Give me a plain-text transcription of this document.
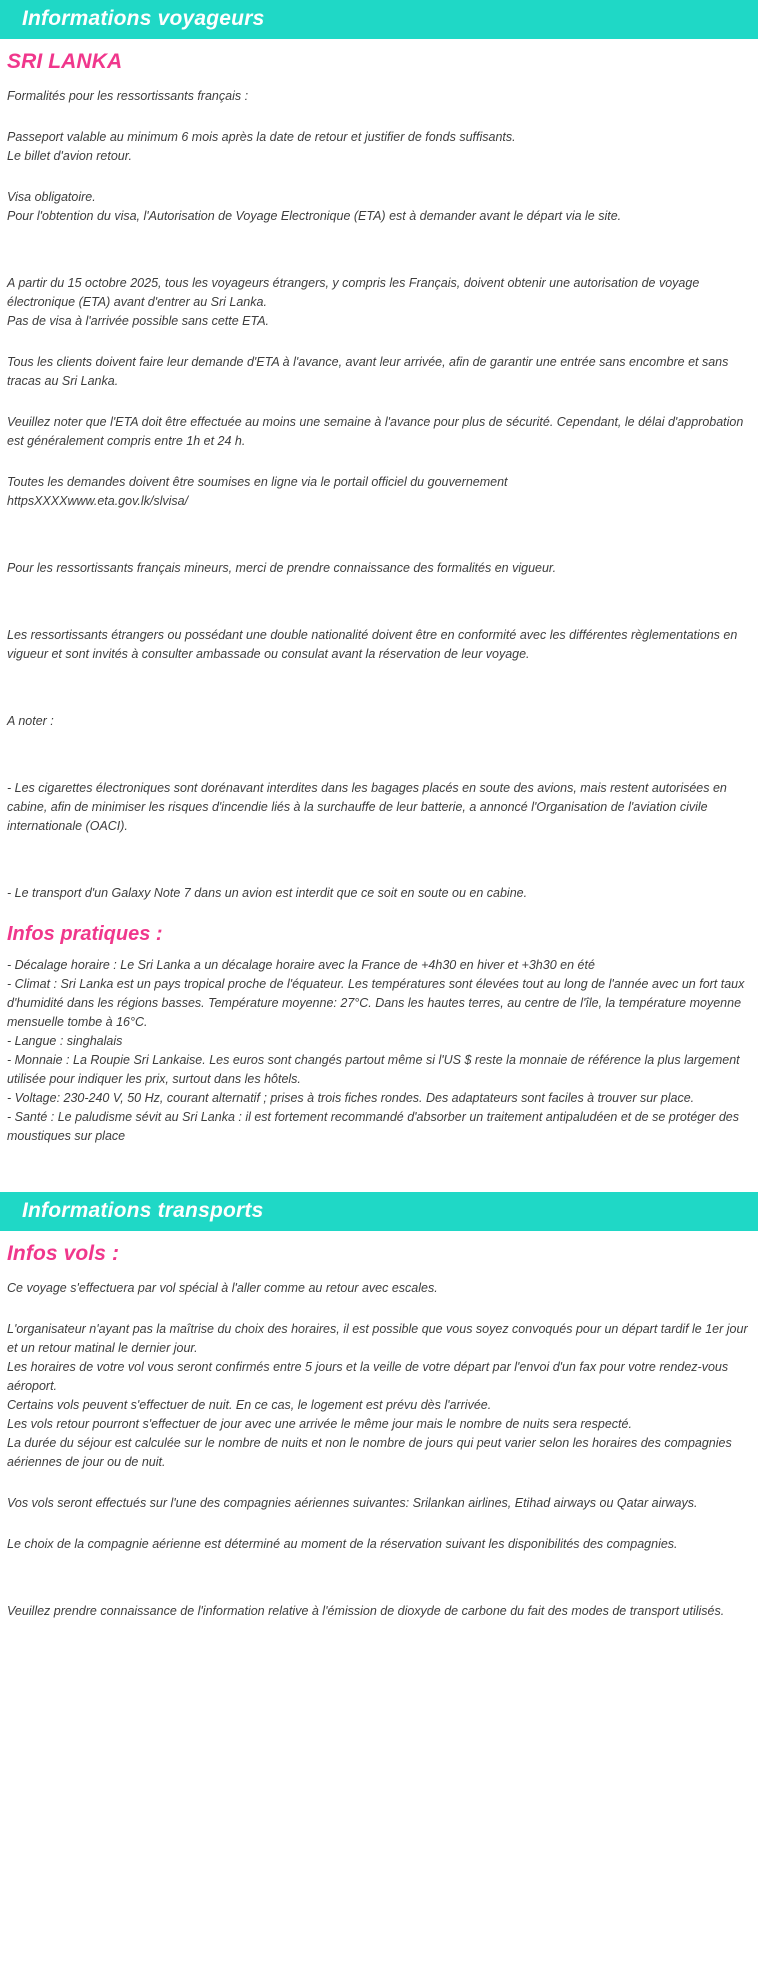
Informations voyageurs
SRI LANKA

Formalités pour les ressortissants français :

Passeport valable au minimum 6 mois après la date de retour et justifier de fonds suffisants.

Le billet d'avion retour.

Visa obligatoire.

Pour l'obtention du visa, l'Autorisation de Voyage Electronique (ETA) est à demander avant le départ via le site.

A partir du 15 octobre 2025, tous les voyageurs étrangers, y compris les Français, doivent obtenir une autorisation de voyage électronique (ETA) avant d'entrer au Sri Lanka.

Pas de visa à l'arrivée possible sans cette ETA.

Tous les clients doivent faire leur demande d'ETA à l'avance, avant leur arrivée, afin de garantir une entrée sans encombre et sans tracas au Sri Lanka.

Veuillez noter que l'ETA doit être effectuée au moins une semaine à l'avance pour plus de sécurité. Cependant, le délai d'approbation est généralement compris entre 1h et 24 h.

Toutes les demandes doivent être soumises en ligne via le portail officiel du gouvernement

httpsXXXXwww.eta.gov.lk/slvisa/

Pour les ressortissants français mineurs, merci de prendre connaissance des formalités en vigueur.

Les ressortissants étrangers ou possédant une double nationalité doivent être en conformité avec les différentes règlementations en vigueur et sont invités à consulter ambassade ou consulat avant la réservation de leur voyage.

A noter :

- Les cigarettes électroniques sont dorénavant interdites dans les bagages placés en soute des avions, mais restent autorisées en cabine, afin de minimiser les risques d'incendie liés à la surchauffe de leur batterie, a annoncé l'Organisation de l'aviation civile internationale (OACI).

- Le transport d'un Galaxy Note 7 dans un avion est interdit que ce soit en soute ou en cabine.

Infos pratiques :

- Décalage horaire : Le Sri Lanka a un décalage horaire avec la France de +4h30 en hiver et +3h30 en été

- Climat : Sri Lanka est un pays tropical proche de l'équateur. Les températures sont élevées tout au long de l'année avec un fort taux d'humidité dans les régions basses. Température moyenne: 27°C. Dans les hautes terres, au centre de l'île, la température moyenne mensuelle tombe à 16°C.

- Langue : singhalais

- Monnaie : La Roupie Sri Lankaise. Les euros sont changés partout même si l'US $ reste la monnaie de référence la plus largement utilisée pour indiquer les prix, surtout dans les hôtels.

- Voltage: 230-240 V, 50 Hz, courant alternatif ; prises à trois fiches rondes. Des adaptateurs sont faciles à trouver sur place.

- Santé : Le paludisme sévit au Sri Lanka : il est fortement recommandé d'absorber un traitement antipaludéen et de se protéger des moustiques sur place

Informations transports
Infos vols :

Ce voyage s'effectuera par vol spécial à l'aller comme au retour avec escales.

L'organisateur n'ayant pas la maîtrise du choix des horaires, il est possible que vous soyez convoqués pour un départ tardif le 1er jour et un retour matinal le dernier jour.

Les horaires de votre vol vous seront confirmés entre 5 jours et la veille de votre départ par l'envoi d'un fax pour votre rendez-vous aéroport.

Certains vols peuvent s'effectuer de nuit. En ce cas, le logement est prévu dès l'arrivée.

Les vols retour pourront s'effectuer de jour avec une arrivée le même jour mais le nombre de nuits sera respecté.

La durée du séjour est calculée sur le nombre de nuits et non le nombre de jours qui peut varier selon les horaires des compagnies aériennes de jour ou de nuit.

Vos vols seront effectués sur l'une des compagnies aériennes suivantes: Srilankan airlines, Etihad airways ou Qatar airways.

Le choix de la compagnie aérienne est déterminé au moment de la réservation suivant les disponibilités des compagnies.

Veuillez prendre connaissance de l'information relative à l'émission de dioxyde de carbone du fait des modes de transport utilisés.
